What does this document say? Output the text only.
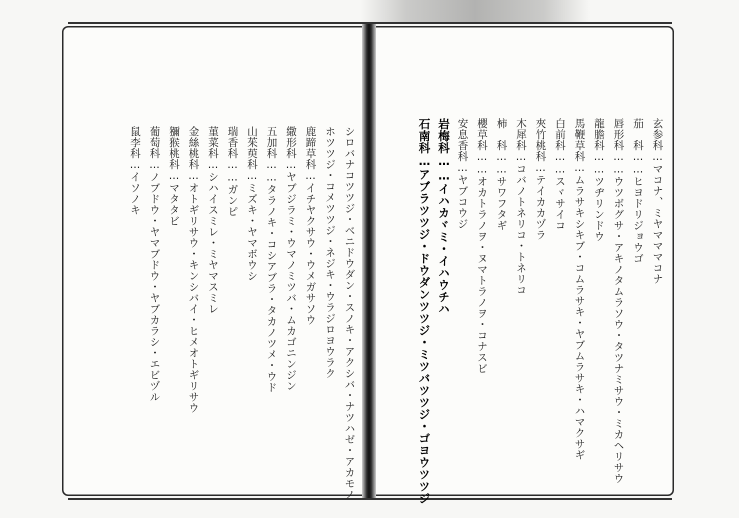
シロバナコツツジ・ベニドウダン・スノキ・アクシバ・ナツハゼ・アカモノ
ホツツジ・コメツツジ・ネジキ・ウラジロヨウラク
鹿蹄草科…イチヤクサウ・ウメガサソウ
繖形科…ヤブジラミ・ウマノミツバ・ムカゴニンジン
五加科……タラノキ・コシアブラ・タカノツメ・ウド
山茱萸科…ミズキ・ヤマボウシ
瑞香科……ガンピ
菫菜科…シハイスミレ・ミヤマスミレ
金絲桃科…オトギリサウ・キンシバイ・ヒメオトギリサウ
獼猴桃科…マタタビ
葡萄科…ノブドウ・ヤマブドウ・ヤブカラシ・エビヅル
鼠李科…イソノキ	玄参科…マコナ、ミヤマママコナ
茄　科……ヒヨドリジョウゴ
唇形科……ウツボグサ・アキノタムラソウ・タツナミサウ・ミカヘリサウ
龍膽科……ツヂリンドウ
馬鞭草科…ムラサキシキブ・コムラサキ・ヤブムラサキ・ハマクサギ
白前科……スヾサイコ
夾竹桃科…テイカカヅラ
木犀科…コバノトネリコ・トネリコ
柿　科……サワフタギ
櫻草科……オカトラノヲ・ヌマトラノヲ・コナスビ
安息香科…ヤブコウジ
岩梅科……イハカヾミ・イハウチハ
石南科…アブラツツジ・ドウダンツツジ・ミツバツツジ・ゴヨウツツジ
